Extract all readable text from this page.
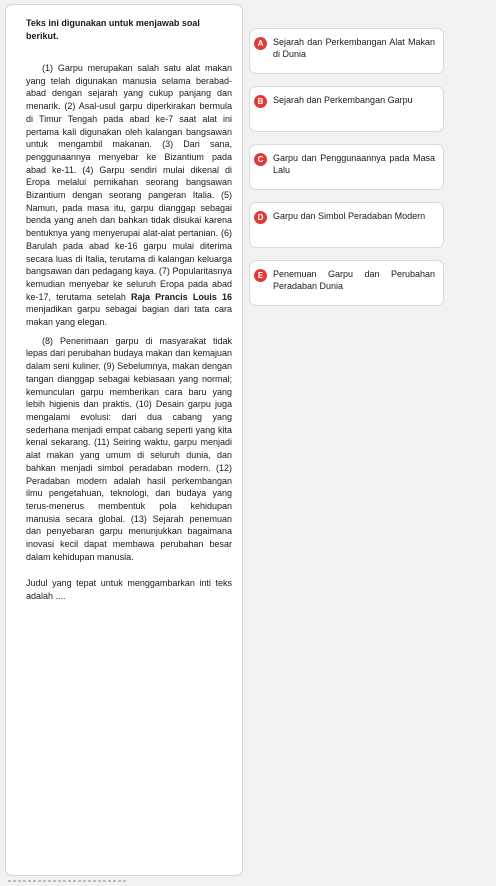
Teks ini digunakan untuk menjawab soal berikut.

(1) Garpu merupakan salah satu alat makan yang telah digunakan manusia selama berabad-abad dengan sejarah yang cukup panjang dan menarik. (2) Asal-usul garpu diperkirakan bermula di Timur Tengah pada abad ke-7 saat alat ini pertama kali digunakan oleh kalangan bangsawan untuk mengambil makanan. (3) Dari sana, penggunaannya menyebar ke Bizantium pada abad ke-11. (4) Garpu sendiri mulai dikenal di Eropa melalui pernikahan seorang bangsawan Bizantium dengan seorang pangeran Italia. (5) Namun, pada masa itu, garpu dianggap sebagai benda yang aneh dan bahkan tidak disukai karena bentuknya yang menyerupai alat-alat pertanian. (6) Barulah pada abad ke-16 garpu mulai diterima secara luas di Italia, terutama di kalangan keluarga bangsawan dan pedagang kaya. (7) Popularitasnya kemudian menyebar ke seluruh Eropa pada abad ke-17, terutama setelah Raja Prancis Louis 16 menjadikan garpu sebagai bagian dari tata cara makan yang elegan.

(8) Penerimaan garpu di masyarakat tidak lepas dari perubahan budaya makan dan kemajuan dalam seni kuliner. (9) Sebelumnya, makan dengan tangan dianggap sebagai kebiasaan yang normal; kemunculan garpu memberikan cara baru yang lebih higienis dan praktis. (10) Desain garpu juga mengalami evolusi: dari dua cabang yang sederhana menjadi empat cabang seperti yang kita kenal sekarang. (11) Seiring waktu, garpu menjadi alat makan yang umum di seluruh dunia, dan bahkan menjadi simbol peradaban modern. (12) Peradaban modern adalah hasil perkembangan ilmu pengetahuan, teknologi, dan budaya yang terus-menerus membentuk pola kehidupan manusia secara global. (13) Sejarah penemuan dan penyebaran garpu menunjukkan bagaimana inovasi kecil dapat membawa perubahan besar dalam kehidupan manusia.

Judul yang tepat untuk menggambarkan inti teks adalah ....
A	Sejarah dan Perkembangan Alat Makan di Dunia
B	Sejarah dan Perkembangan Garpu
C	Garpu dan Penggunaannya pada Masa Lalu
D	Garpu dan Simbol Peradaban Modern
E	Penemuan Garpu dan Perubahan Peradaban Dunia
